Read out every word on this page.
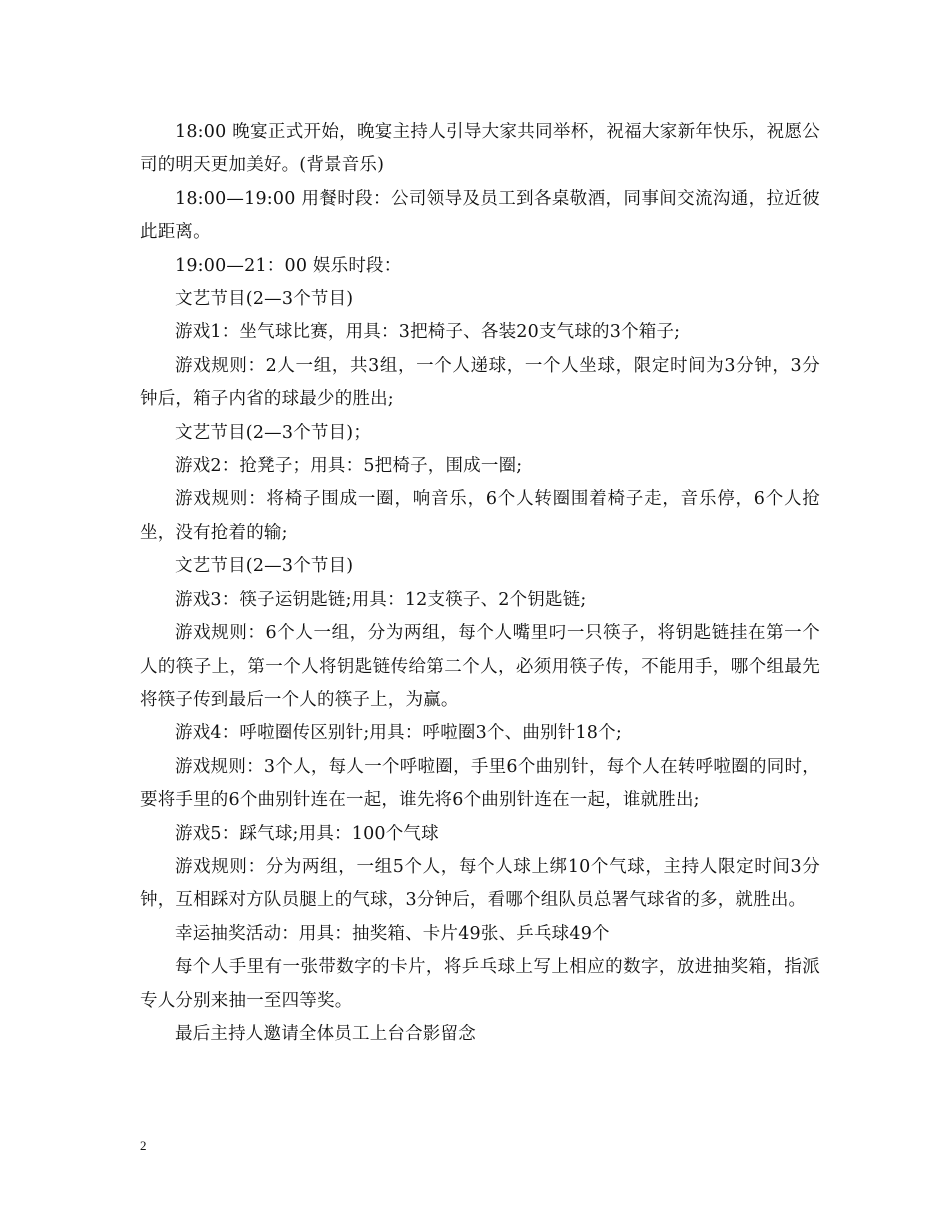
18:00 晚宴正式开始，晚宴主持人引导大家共同举杯，祝福大家新年快乐，祝愿公司的明天更加美好。(背景音乐)

18:00—19:00 用餐时段：公司领导及员工到各桌敬酒，同事间交流沟通，拉近彼此距离。

19:00—21：00 娱乐时段：

文艺节目(2—3个节目)

游戏1：坐气球比赛，用具：3把椅子、各装20支气球的3个箱子;

游戏规则：2人一组，共3组，一个人递球，一个人坐球，限定时间为3分钟，3分钟后，箱子内省的球最少的胜出;

文艺节目(2—3个节目)；

游戏2：抢凳子；用具：5把椅子，围成一圈;

游戏规则：将椅子围成一圈，响音乐，6个人转圈围着椅子走，音乐停，6个人抢坐，没有抢着的输;

文艺节目(2—3个节目)

游戏3：筷子运钥匙链;用具：12支筷子、2个钥匙链;

游戏规则：6个人一组，分为两组，每个人嘴里叼一只筷子，将钥匙链挂在第一个人的筷子上，第一个人将钥匙链传给第二个人，必须用筷子传，不能用手，哪个组最先将筷子传到最后一个人的筷子上，为赢。

游戏4：呼啦圈传区别针;用具：呼啦圈3个、曲别针18个;

游戏规则：3个人，每人一个呼啦圈，手里6个曲别针，每个人在转呼啦圈的同时，要将手里的6个曲别针连在一起，谁先将6个曲别针连在一起，谁就胜出;

游戏5：踩气球;用具：100个气球

游戏规则：分为两组，一组5个人，每个人球上绑10个气球，主持人限定时间3分钟，互相踩对方队员腿上的气球，3分钟后，看哪个组队员总署气球省的多，就胜出。

幸运抽奖活动：用具：抽奖箱、卡片49张、乒乓球49个

每个人手里有一张带数字的卡片，将乒乓球上写上相应的数字，放进抽奖箱，指派专人分别来抽一至四等奖。

最后主持人邀请全体员工上台合影留念

2
